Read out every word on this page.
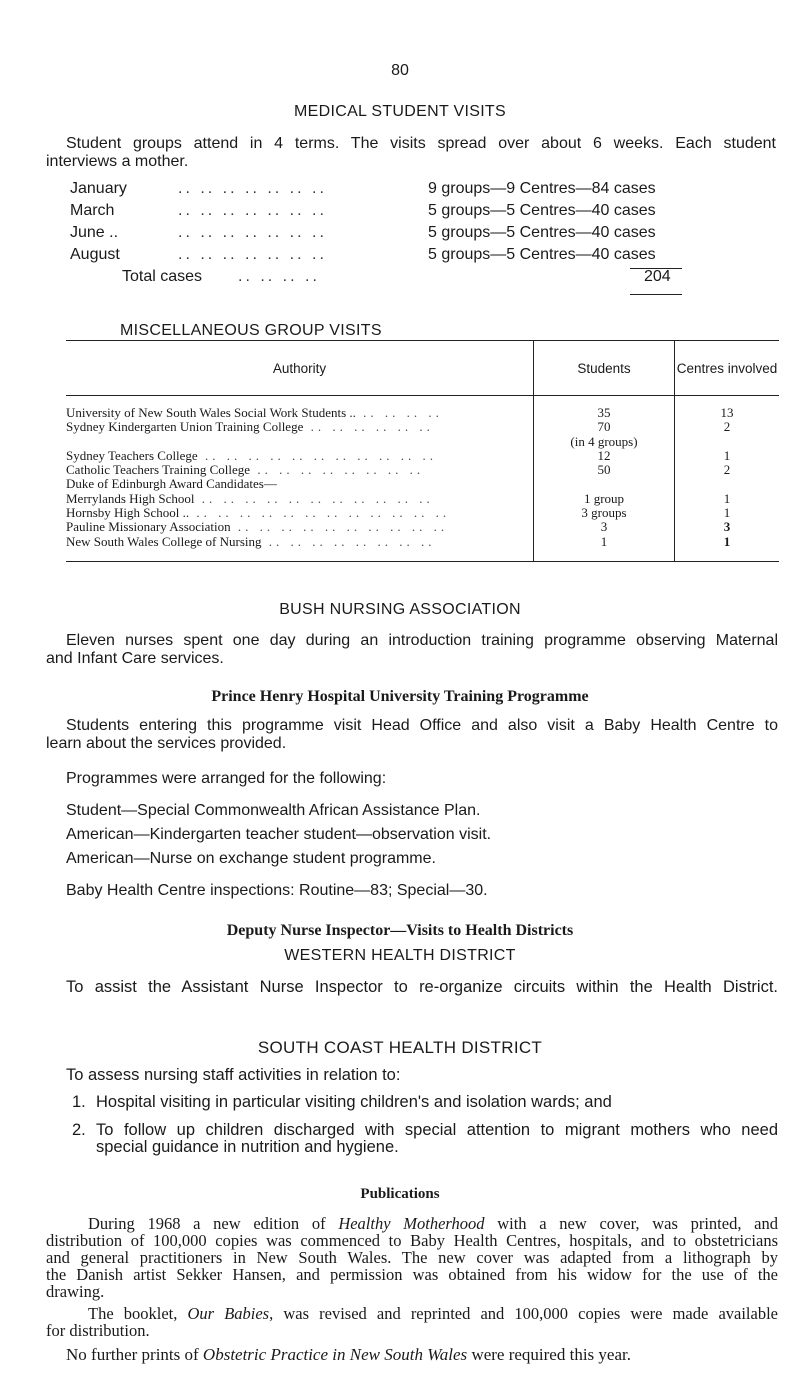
80
MEDICAL STUDENT VISITS
Student groups attend in 4 terms. The visits spread over about 6 weeks. Each student
interviews a mother.
January	.. .. .. .. .. .. ..	9 groups—9 Centres—84 cases
March	.. .. .. .. .. .. ..	5 groups—5 Centres—40 cases
June ..	.. .. .. .. .. .. ..	5 groups—5 Centres—40 cases
August	.. .. .. .. .. .. ..	5 groups—5 Centres—40 cases
Total cases .. .. .. ..	204
MISCELLANEOUS GROUP VISITS
Authority	Students	Centres involved
University of New South Wales Social Work Students .. .. .. .. ..	35	13
Sydney Kindergarten Union Training College .. .. .. .. .. ..	70	2
	(in 4 groups)	
Sydney Teachers College .. .. .. .. .. .. .. .. .. .. ..	12	1
Catholic Teachers Training College .. .. .. .. .. .. .. ..	50	2
Duke of Edinburgh Award Candidates—		
Merrylands High School .. .. .. .. .. .. .. .. .. .. ..	1 group	1
Hornsby High School .. .. .. .. .. .. .. .. .. .. .. .. ..	3 groups	1
Pauline Missionary Association .. .. .. .. .. .. .. .. .. ..	3	3
New South Wales College of Nursing .. .. .. .. .. .. .. ..	1	1
BUSH NURSING ASSOCIATION
Eleven nurses spent one day during an introduction training programme observing Maternal
and Infant Care services.
Prince Henry Hospital University Training Programme
Students entering this programme visit Head Office and also visit a Baby Health Centre to
learn about the services provided.
Programmes were arranged for the following:
Student—Special Commonwealth African Assistance Plan.
American—Kindergarten teacher student—observation visit.
American—Nurse on exchange student programme.
Baby Health Centre inspections: Routine—83; Special—30.
Deputy Nurse Inspector—Visits to Health Districts
WESTERN HEALTH DISTRICT
To assist the Assistant Nurse Inspector to re-organize circuits within the Health District.
SOUTH COAST HEALTH DISTRICT
To assess nursing staff activities in relation to:
1. Hospital visiting in particular visiting children's and isolation wards; and
2. To follow up children discharged with special attention to migrant mothers who need
special guidance in nutrition and hygiene.
Publications
During 1968 a new edition of Healthy Motherhood with a new cover, was printed, and
distribution of 100,000 copies was commenced to Baby Health Centres, hospitals, and to obstetricians
and general practitioners in New South Wales. The new cover was adapted from a lithograph by
the Danish artist Sekker Hansen, and permission was obtained from his widow for the use of the
drawing.
The booklet, Our Babies, was revised and reprinted and 100,000 copies were made available
for distribution.
No further prints of Obstetric Practice in New South Wales were required this year.
